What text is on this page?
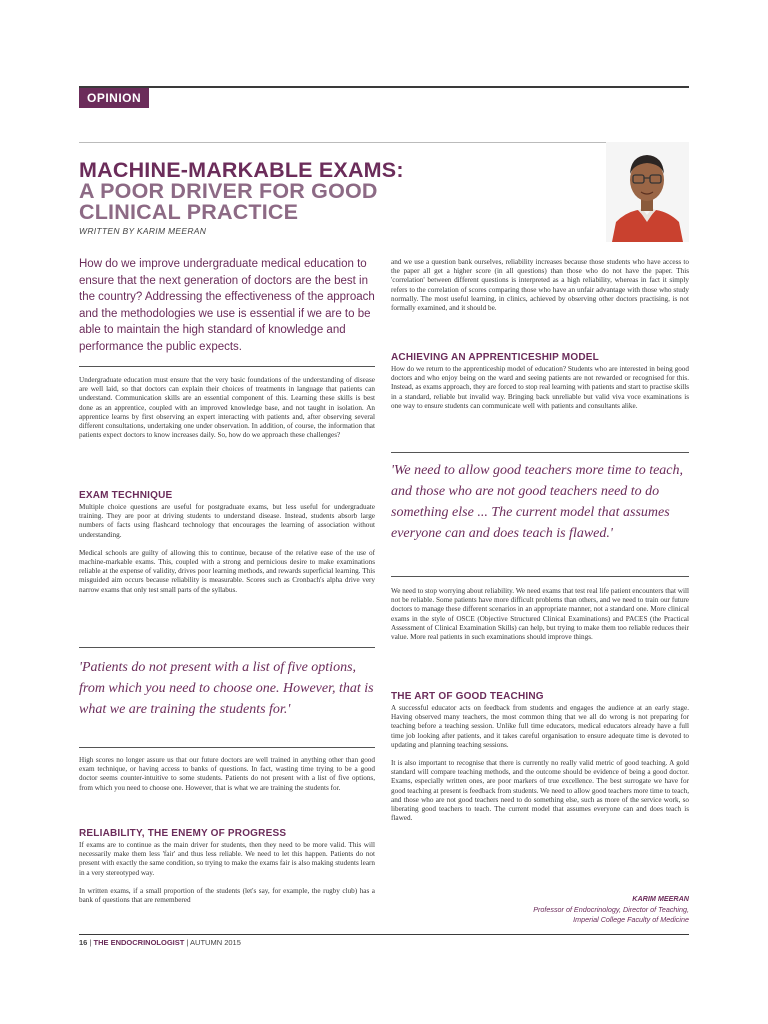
OPINION
MACHINE-MARKABLE EXAMS:
A POOR DRIVER FOR GOOD
CLINICAL PRACTICE
WRITTEN BY KARIM MEERAN

How do we improve undergraduate medical education to ensure that the next generation of doctors are the best in the country? Addressing the effectiveness of the approach and the methodologies we use is essential if we are to be able to maintain the high standard of knowledge and performance the public expects.

Undergraduate education must ensure that the very basic foundations of the understanding of disease are well laid, so that doctors can explain their choices of treatments in language that patients can understand. Communication skills are an essential component of this. Learning these skills is best done as an apprentice, coupled with an improved knowledge base, and not taught in isolation. An apprentice learns by first observing an expert interacting with patients and, after observing several different consultations, undertaking one under observation. In addition, of course, the information that patients expect doctors to know increases daily. So, how do we approach these challenges?

EXAM TECHNIQUE

Multiple choice questions are useful for postgraduate exams, but less useful for undergraduate training. They are poor at driving students to understand disease. Instead, students absorb large numbers of facts using flashcard technology that encourages the learning of association without understanding.

Medical schools are guilty of allowing this to continue, because of the relative ease of the use of machine-markable exams. This, coupled with a strong and pernicious desire to make examinations reliable at the expense of validity, drives poor learning methods, and rewards superficial learning. This misguided aim occurs because reliability is measurable. Scores such as Cronbach's alpha drive very narrow exams that only test small parts of the syllabus.

'Patients do not present with a list of five options, from which you need to choose one. However, that is what we are training the students for.'

High scores no longer assure us that our future doctors are well trained in anything other than good exam technique, or having access to banks of questions. In fact, wasting time trying to be a good doctor seems counter-intuitive to some students. Patients do not present with a list of five options, from which you need to choose one. However, that is what we are training the students for.

RELIABILITY, THE ENEMY OF PROGRESS

If exams are to continue as the main driver for students, then they need to be more valid. This will necessarily make them less 'fair' and thus less reliable. We need to let this happen. Patients do not present with exactly the same condition, so trying to make the exams fair is also making students learn in a very stereotyped way.

In written exams, if a small proportion of the students (let's say, for example, the rugby club) has a bank of questions that are remembered

and we use a question bank ourselves, reliability increases because those students who have access to the paper all get a higher score (in all questions) than those who do not have the paper. This 'correlation' between different questions is interpreted as a high reliability, whereas in fact it simply refers to the correlation of scores comparing those who have an unfair advantage with those who study normally. The most useful learning, in clinics, achieved by observing other doctors practising, is not formally examined, and it should be.

ACHIEVING AN APPRENTICESHIP MODEL

How do we return to the apprenticeship model of education? Students who are interested in being good doctors and who enjoy being on the ward and seeing patients are not rewarded or recognised for this. Instead, as exams approach, they are forced to stop real learning with patients and start to practise skills in a standard, reliable but invalid way. Bringing back unreliable but valid viva voce examinations is one way to ensure students can communicate well with patients and consultants alike.

'We need to allow good teachers more time to teach, and those who are not good teachers need to do something else ... The current model that assumes everyone can and does teach is flawed.'

We need to stop worrying about reliability. We need exams that test real life patient encounters that will not be reliable. Some patients have more difficult problems than others, and we need to train our future doctors to manage these different scenarios in an appropriate manner, not a standard one. More clinical exams in the style of OSCE (Objective Structured Clinical Examinations) and PACES (the Practical Assessment of Clinical Examination Skills) can help, but trying to make them too reliable reduces their value. More real patients in such examinations should improve things.

THE ART OF GOOD TEACHING

A successful educator acts on feedback from students and engages the audience at an early stage. Having observed many teachers, the most common thing that we all do wrong is not preparing for teaching before a teaching session. Unlike full time educators, medical educators already have a full time job looking after patients, and it takes careful organisation to ensure adequate time is devoted to updating and planning teaching sessions.

It is also important to recognise that there is currently no really valid metric of good teaching. A gold standard will compare teaching methods, and the outcome should be evidence of being a good doctor. Exams, especially written ones, are poor markers of true excellence. The best surrogate we have for good teaching at present is feedback from students. We need to allow good teachers more time to teach, and those who are not good teachers need to do something else, such as more of the service work, so liberating good teachers to teach. The current model that assumes everyone can and does teach is flawed.

KARIM MEERAN
Professor of Endocrinology, Director of Teaching,
Imperial College Faculty of Medicine
16 | THE ENDOCRINOLOGIST | AUTUMN 2015
